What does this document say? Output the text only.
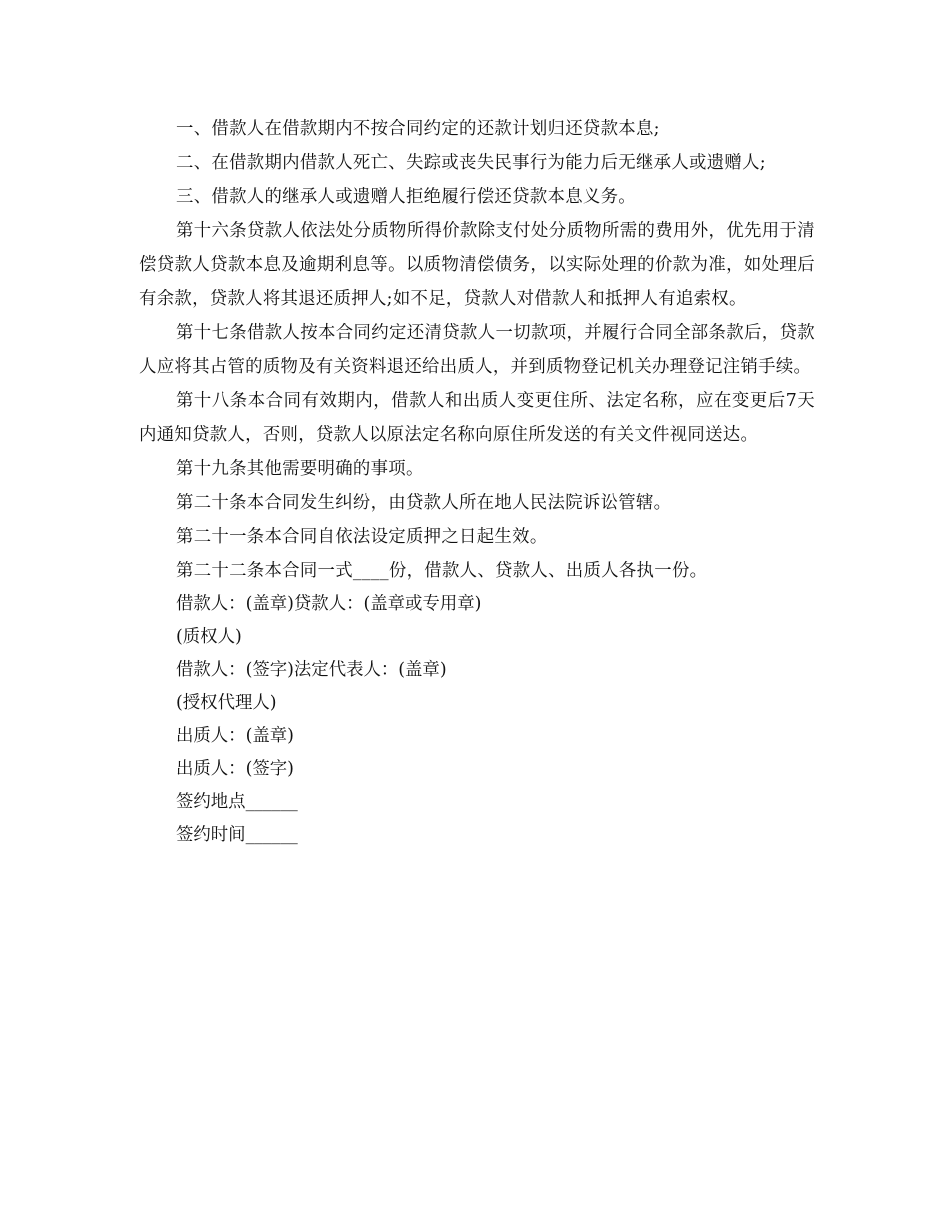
一、借款人在借款期内不按合同约定的还款计划归还贷款本息;

二、在借款期内借款人死亡、失踪或丧失民事行为能力后无继承人或遗赠人;

三、借款人的继承人或遗赠人拒绝履行偿还贷款本息义务。

第十六条贷款人依法处分质物所得价款除支付处分质物所需的费用外，优先用于清偿贷款人贷款本息及逾期利息等。以质物清偿债务，以实际处理的价款为准，如处理后有余款，贷款人将其退还质押人;如不足，贷款人对借款人和抵押人有追索权。

第十七条借款人按本合同约定还清贷款人一切款项，并履行合同全部条款后，贷款人应将其占管的质物及有关资料退还给出质人，并到质物登记机关办理登记注销手续。

第十八条本合同有效期内，借款人和出质人变更住所、法定名称，应在变更后7天内通知贷款人，否则，贷款人以原法定名称向原住所发送的有关文件视同送达。

第十九条其他需要明确的事项。

第二十条本合同发生纠纷，由贷款人所在地人民法院诉讼管辖。

第二十一条本合同自依法设定质押之日起生效。

第二十二条本合同一式____份，借款人、贷款人、出质人各执一份。

借款人：(盖章)贷款人：(盖章或专用章)

(质权人)

借款人：(签字)法定代表人：(盖章)

(授权代理人)

出质人：(盖章)

出质人：(签字)

签约地点______

签约时间______
